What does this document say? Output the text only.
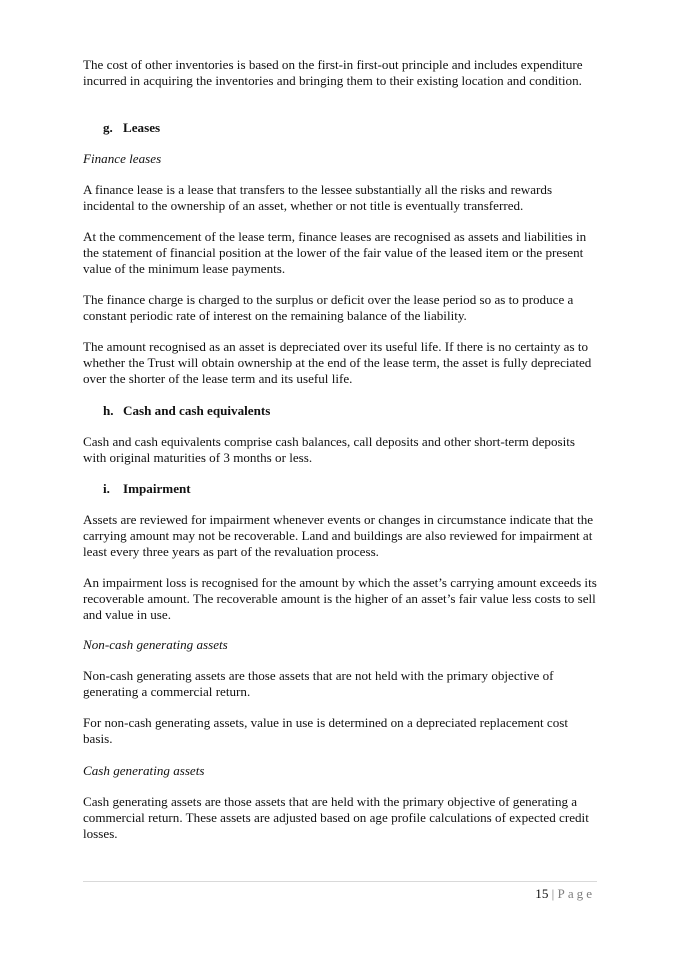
The cost of other inventories is based on the first-in first-out principle and includes expenditure incurred in acquiring the inventories and bringing them to their existing location and condition.

g. Leases

Finance leases

A finance lease is a lease that transfers to the lessee substantially all the risks and rewards incidental to the ownership of an asset, whether or not title is eventually transferred.

At the commencement of the lease term, finance leases are recognised as assets and liabilities in the statement of financial position at the lower of the fair value of the leased item or the present value of the minimum lease payments.

The finance charge is charged to the surplus or deficit over the lease period so as to produce a constant periodic rate of interest on the remaining balance of the liability.

The amount recognised as an asset is depreciated over its useful life. If there is no certainty as to whether the Trust will obtain ownership at the end of the lease term, the asset is fully depreciated over the shorter of the lease term and its useful life.

h. Cash and cash equivalents

Cash and cash equivalents comprise cash balances, call deposits and other short-term deposits with original maturities of 3 months or less.

i. Impairment

Assets are reviewed for impairment whenever events or changes in circumstance indicate that the carrying amount may not be recoverable. Land and buildings are also reviewed for impairment at least every three years as part of the revaluation process.

An impairment loss is recognised for the amount by which the asset’s carrying amount exceeds its recoverable amount. The recoverable amount is the higher of an asset’s fair value less costs to sell and value in use.

Non-cash generating assets

Non-cash generating assets are those assets that are not held with the primary objective of generating a commercial return.

For non-cash generating assets, value in use is determined on a depreciated replacement cost basis.

Cash generating assets

Cash generating assets are those assets that are held with the primary objective of generating a commercial return. These assets are adjusted based on age profile calculations of expected credit losses.

15 | Page
